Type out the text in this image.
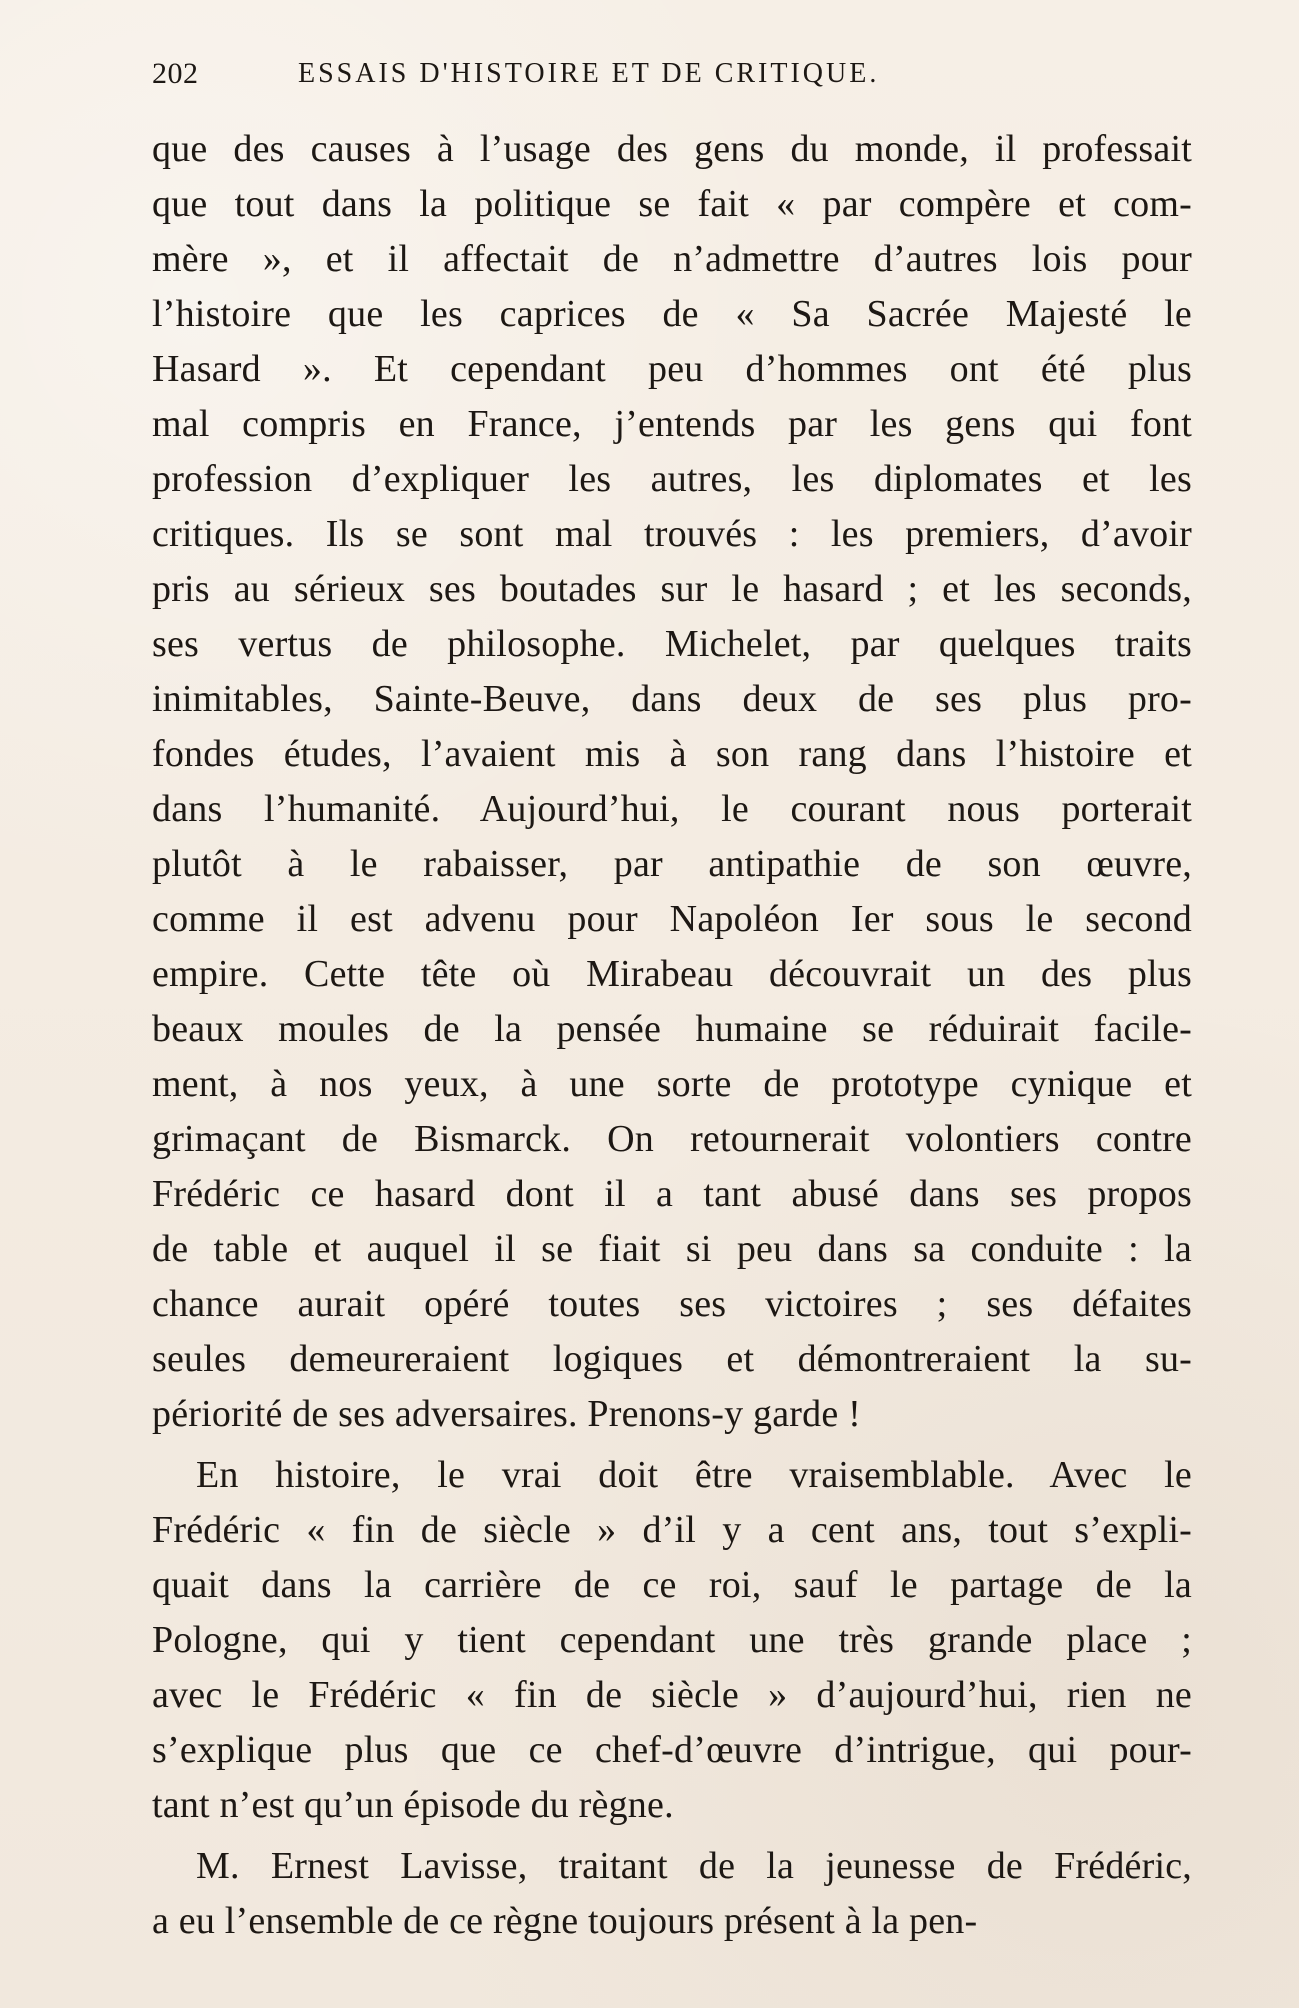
202	ESSAIS D'HISTOIRE ET DE CRITIQUE.
que des causes à l’usage des gens du monde, il professait
que tout dans la politique se fait « par compère et com-
mère », et il affectait de n’admettre d’autres lois pour
l’histoire que les caprices de « Sa Sacrée Majesté le
Hasard ». Et cependant peu d’hommes ont été plus
mal compris en France, j’entends par les gens qui font
profession d’expliquer les autres, les diplomates et les
critiques. Ils se sont mal trouvés : les premiers, d’avoir
pris au sérieux ses boutades sur le hasard ; et les seconds,
ses vertus de philosophe. Michelet, par quelques traits
inimitables, Sainte-Beuve, dans deux de ses plus pro-
fondes études, l’avaient mis à son rang dans l’histoire et
dans l’humanité. Aujourd’hui, le courant nous porterait
plutôt à le rabaisser, par antipathie de son œuvre,
comme il est advenu pour Napoléon Ier sous le second
empire. Cette tête où Mirabeau découvrait un des plus
beaux moules de la pensée humaine se réduirait facile-
ment, à nos yeux, à une sorte de prototype cynique et
grimaçant de Bismarck. On retournerait volontiers contre
Frédéric ce hasard dont il a tant abusé dans ses propos
de table et auquel il se fiait si peu dans sa conduite : la
chance aurait opéré toutes ses victoires ; ses défaites
seules demeureraient logiques et démontreraient la su-
périorité de ses adversaires. Prenons-y garde !
En histoire, le vrai doit être vraisemblable. Avec le
Frédéric « fin de siècle » d’il y a cent ans, tout s’expli-
quait dans la carrière de ce roi, sauf le partage de la
Pologne, qui y tient cependant une très grande place ;
avec le Frédéric « fin de siècle » d’aujourd’hui, rien ne
s’explique plus que ce chef-d’œuvre d’intrigue, qui pour-
tant n’est qu’un épisode du règne.
M. Ernest Lavisse, traitant de la jeunesse de Frédéric,
a eu l’ensemble de ce règne toujours présent à la pen-
